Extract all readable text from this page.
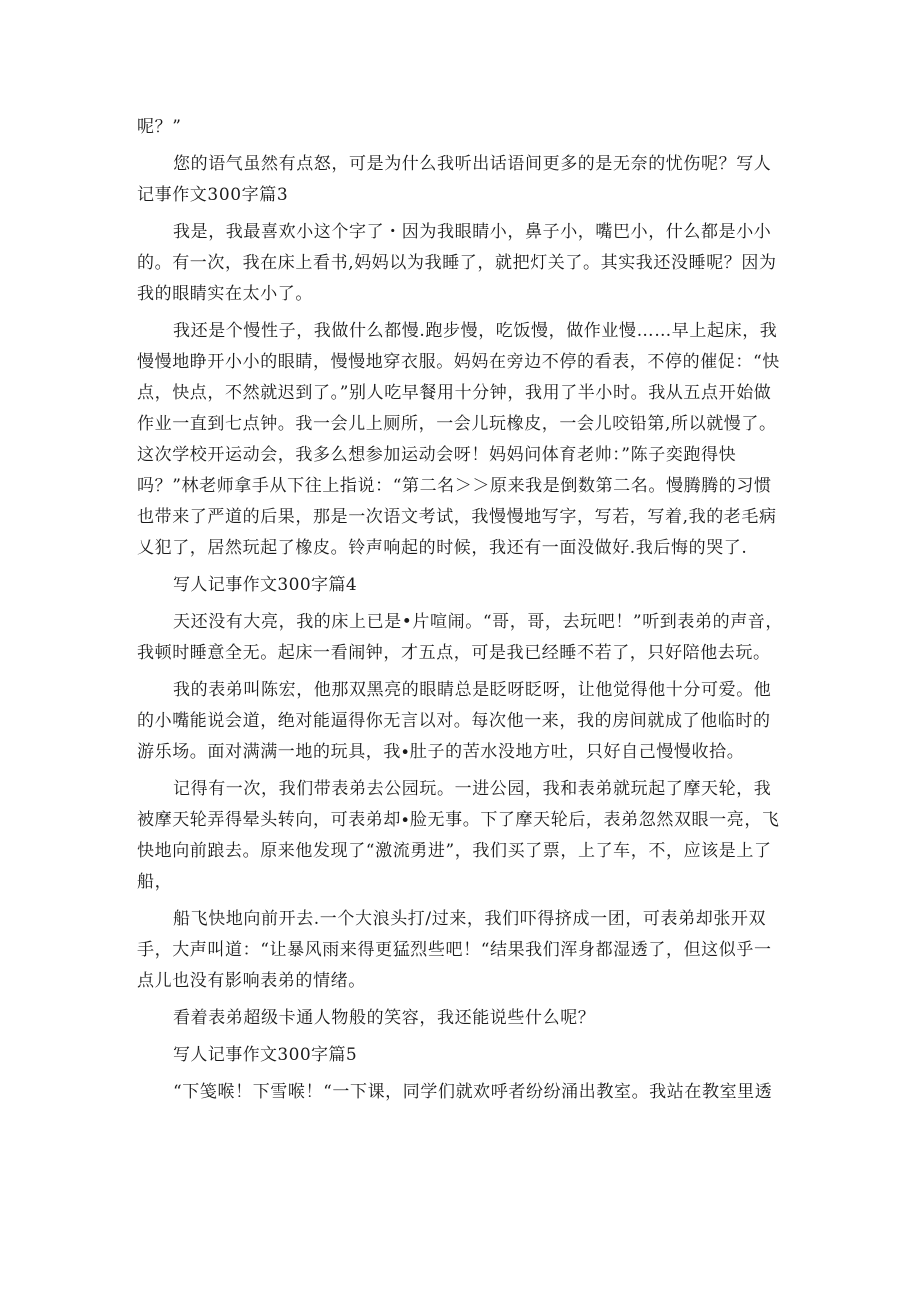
呢？”

您的语气虽然有点怒，可是为什么我听出话语间更多的是无奈的忧伤呢？写人记事作文300字篇3

我是，我最喜欢小这个字了・因为我眼睛小，鼻子小，嘴巴小，什么都是小小的。有一次，我在床上看书,妈妈以为我睡了，就把灯关了。其实我还没睡呢？因为我的眼睛实在太小了。

我还是个慢性子，我做什么都慢.跑步慢，吃饭慢，做作业慢……早上起床，我慢慢地睁开小小的眼睛，慢慢地穿衣服。妈妈在旁边不停的看表，不停的催促：“快点，快点，不然就迟到了。”别人吃早餐用十分钟，我用了半小时。我从五点开始做作业一直到七点钟。我一会儿上厕所，一会儿玩橡皮，一会儿咬铅第,所以就慢了。这次学校开运动会，我多么想参加运动会呀！妈妈问体育老帅：”陈子奕跑得快吗？”林老师拿手从下往上指说：“第二名＞＞原来我是倒数第二名。慢腾腾的习惯也带来了严道的后果，那是一次语文考试，我慢慢地写字，写若，写着,我的老毛病乂犯了，居然玩起了橡皮。铃声响起的时候，我还有一面没做好.我后悔的哭了.

写人记事作文300字篇4

天还没有大亮，我的床上已是•片喧闹。“哥，哥，去玩吧！”听到表弟的声音，我顿时睡意全无。起床一看闹钟，才五点，可是我已经睡不若了，只好陪他去玩。

我的表弟叫陈宏，他那双黑亮的眼睛总是眨呀眨呀，让他觉得他十分可爱。他的小嘴能说会道，绝对能逼得你无言以对。每次他一来，我的房间就成了他临时的游乐场。面对满满一地的玩具，我∙肚子的苦水没地方吐，只好自己慢慢收拾。

记得有一次，我们带表弟去公园玩。一进公园，我和表弟就玩起了摩天轮，我被摩天轮弄得晕头转向，可表弟却∙脸无事。下了摩天轮后，表弟忽然双眼一亮，飞快地向前踉去。原来他发现了“激流勇进”，我们买了票，上了车，不，应该是上了船，

船飞快地向前开去.一个大浪头打/过来，我们吓得挤成一团，可表弟却张开双手，大声叫道：“让暴风雨来得更猛烈些吧！“结果我们浑身都湿透了，但这似乎一点儿也没有影响表弟的情绪。

看着表弟超级卡通人物般的笑容，我还能说些什么呢？

写人记事作文300字篇5

“下笺喉！下雪喉！“一下课，同学们就欢呼者纷纷涌出教室。我站在教室里透
